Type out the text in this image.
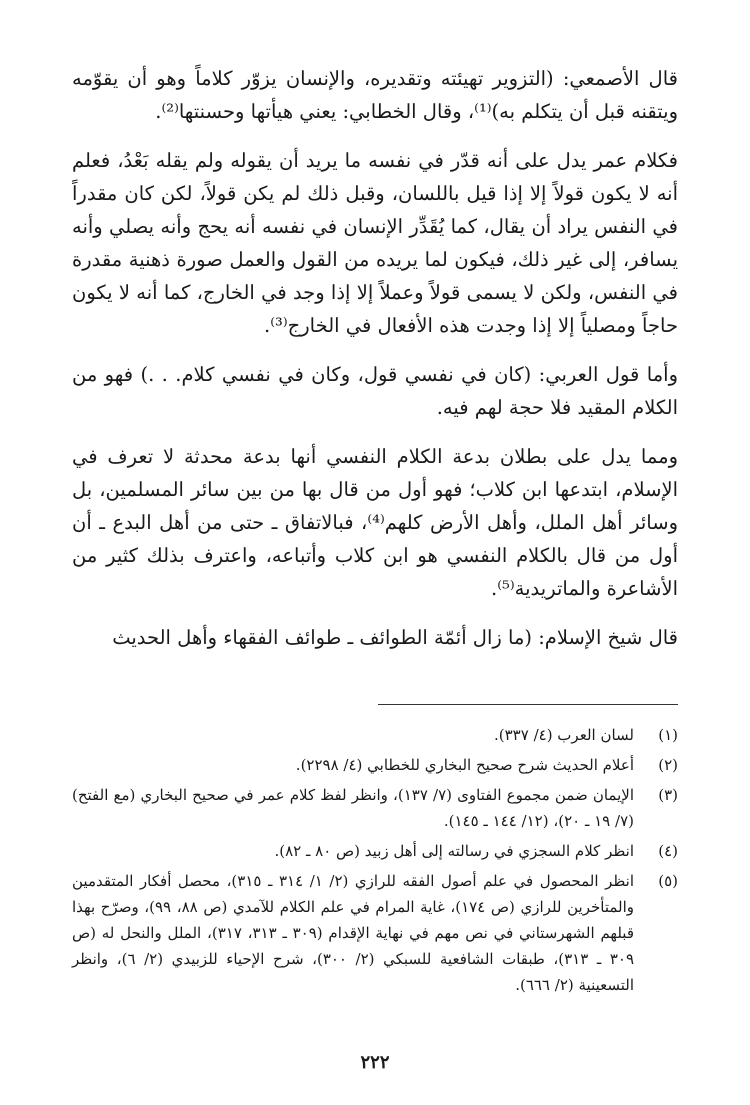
قال الأصمعي: (التزوير تهيئته وتقديره، والإنسان يزوّر كلاماً وهو أن يقوّمه ويتقنه قبل أن يتكلم به)⁽¹⁾، وقال الخطابي: يعني هيأتها وحسنتها⁽²⁾.

فكلام عمر يدل على أنه قدّر في نفسه ما يريد أن يقوله ولم يقله بَعْدُ، فعلم أنه لا يكون قولاً إلا إذا قيل باللسان، وقبل ذلك لم يكن قولاً، لكن كان مقدراً في النفس يراد أن يقال، كما يُقَدِّر الإنسان في نفسه أنه يحج وأنه يصلي وأنه يسافر، إلى غير ذلك، فيكون لما يريده من القول والعمل صورة ذهنية مقدرة في النفس، ولكن لا يسمى قولاً وعملاً إلا إذا وجد في الخارج، كما أنه لا يكون حاجاً ومصلياً إلا إذا وجدت هذه الأفعال في الخارج⁽³⁾.

وأما قول العربي: (كان في نفسي قول، وكان في نفسي كلام. . .) فهو من الكلام المقيد فلا حجة لهم فيه.

ومما يدل على بطلان بدعة الكلام النفسي أنها بدعة محدثة لا تعرف في الإسلام، ابتدعها ابن كلاب؛ فهو أول من قال بها من بين سائر المسلمين، بل وسائر أهل الملل، وأهل الأرض كلهم⁽⁴⁾، فبالاتفاق ـ حتى من أهل البدع ـ أن أول من قال بالكلام النفسي هو ابن كلاب وأتباعه، واعترف بذلك كثير من الأشاعرة والماتريدية⁽⁵⁾.

قال شيخ الإسلام: (ما زال أئمّة الطوائف ـ طوائف الفقهاء وأهل الحديث

(١)
لسان العرب (٤/ ٣٣٧).
(٢)
أعلام الحديث شرح صحيح البخاري للخطابي (٤/ ٢٢٩٨).
(٣)
الإيمان ضمن مجموع الفتاوى (٧/ ١٣٧)، وانظر لفظ كلام عمر في صحيح البخاري (مع الفتح) (٧/ ١٩ ـ ٢٠)، (١٢/ ١٤٤ ـ ١٤٥).
(٤)
انظر كلام السجزي في رسالته إلى أهل زبيد (ص ٨٠ ـ ٨٢).
(٥)
انظر المحصول في علم أصول الفقه للرازي (٢/ ١/ ٣١٤ ـ ٣١٥)، محصل أفكار المتقدمين والمتأخرين للرازي (ص ١٧٤)، غاية المرام في علم الكلام للآمدي (ص ٨٨، ٩٩)، وصرّح بهذا قبلهم الشهرستاني في نص مهم في نهاية الإقدام (٣٠٩ ـ ٣١٣، ٣١٧)، الملل والنحل له (ص ٣٠٩ ـ ٣١٣)، طبقات الشافعية للسبكي (٢/ ٣٠٠)، شرح الإحياء للزبيدي (٢/ ٦)، وانظر التسعينية (٢/ ٦٦٦).
٢٢٢
